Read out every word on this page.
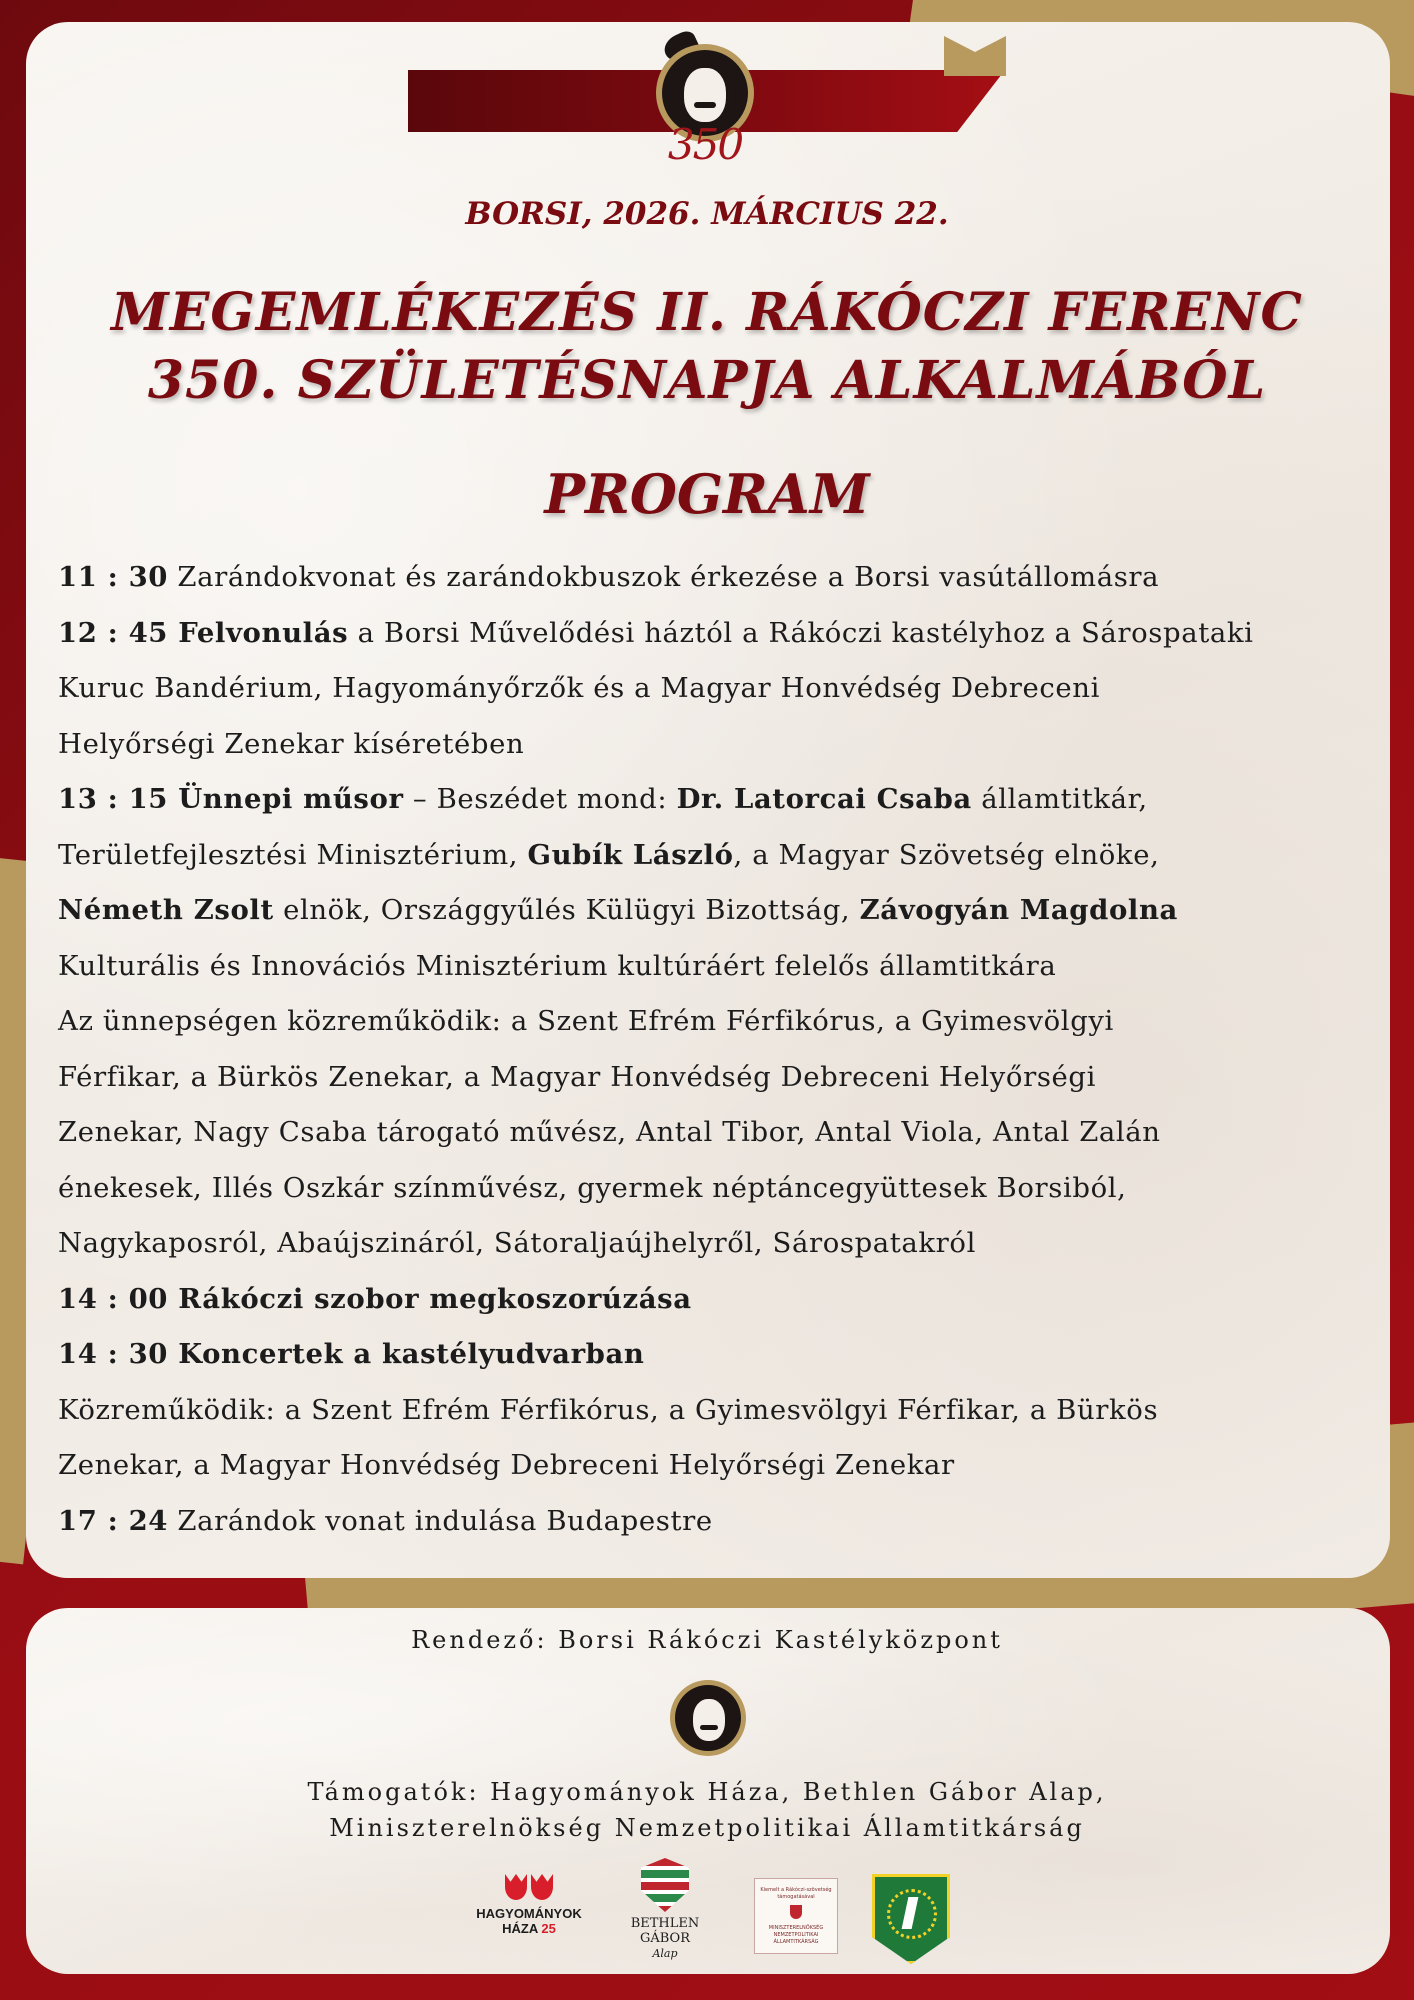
350
BORSI, 2026. MÁRCIUS 22.
MEGEMLÉKEZÉS II. RÁKÓCZI FERENC
350. SZÜLETÉSNAPJA ALKALMÁBÓL
PROGRAM
11 : 30 Zarándokvonat és zarándokbuszok érkezése a Borsi vasútállomásra
12 : 45 Felvonulás a Borsi Művelődési háztól a Rákóczi kastélyhoz a Sárospataki
Kuruc Bandérium, Hagyományőrzők és a Magyar Honvédség Debreceni
Helyőrségi Zenekar kíséretében
13 : 15 Ünnepi műsor – Beszédet mond: Dr. Latorcai Csaba államtitkár,
Területfejlesztési Minisztérium, Gubík László, a Magyar Szövetség elnöke,
Németh Zsolt elnök, Országgyűlés Külügyi Bizottság, Závogyán Magdolna
Kulturális és Innovációs Minisztérium kultúráért felelős államtitkára
Az ünnepségen közreműködik: a Szent Efrém Férfikórus, a Gyimesvölgyi
Férfikar, a Bürkös Zenekar, a Magyar Honvédség Debreceni Helyőrségi
Zenekar, Nagy Csaba tárogató művész, Antal Tibor, Antal Viola, Antal Zalán
énekesek, Illés Oszkár színművész, gyermek néptáncegyüttesek Borsiból,
Nagykaposról, Abaújszináról, Sátoraljaújhelyről, Sárospatakról
14 : 00 Rákóczi szobor megkoszorúzása
14 : 30 Koncertek a kastélyudvarban
Közreműködik: a Szent Efrém Férfikórus, a Gyimesvölgyi Férfikar, a Bürkös
Zenekar, a Magyar Honvédség Debreceni Helyőrségi Zenekar
17 : 24 Zarándok vonat indulása Budapestre
Rendező: Borsi Rákóczi Kastélyközpont
Támogatók: Hagyományok Háza, Bethlen Gábor Alap,
Miniszterelnökség Nemzetpolitikai Államtitkárság
HAGYOMÁNYOK
HÁZA 25	BETHLEN GÁBOR
Alap
Kiemelt a Rákóczi-szövetség támogatásával
MINISZTERELNÖKSÉG NEMZETPOLITIKAI ÁLLAMTITKÁRSÁG
